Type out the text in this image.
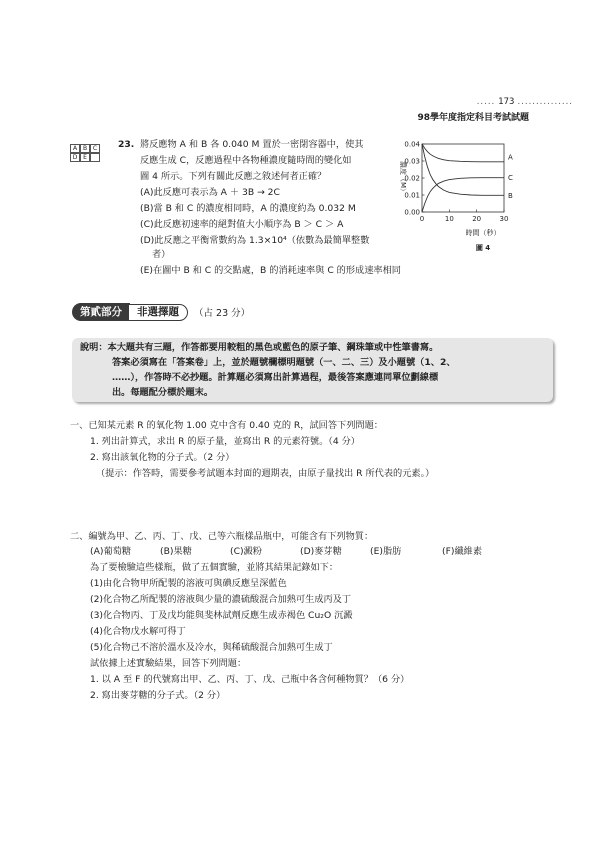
..... 173 .....
98學年度指定科目考試試題
A B C
D E
23. 將反應物 A 和 B 各 0.040 M 置於一密閉容器中，使其
反應生成 C，反應過程中各物種濃度隨時間的變化如
圖 4 所示。下列有關此反應之敘述何者正確？
(A)此反應可表示為 A ＋ 3B → 2C
(B)當 B 和 C 的濃度相同時，A 的濃度約為 0.032 M
(C)此反應初速率的絕對值大小順序為 B ＞ C ＞ A
(D)此反應之平衡常數約為 1.3×10⁴（依數為最簡單整數
者）
(E)在圖中 B 和 C 的交點處，B 的消耗速率與 C 的形成速率相同
A
C
B
0.00
0.01
0.02
0.03
0.04
0	10	20	30
濃度（M）
時間（秒）
圖 4
第貳部分	非選擇題	（占 23 分）
說明：本大題共有三題，作答都要用較粗的黑色或藍色的原子筆、鋼珠筆或中性筆書寫。
答案必須寫在「答案卷」上，並於題號欄標明題號（一、二、三）及小題號（1、2、
……），作答時不必抄題。計算題必須寫出計算過程，最後答案應連同單位劃線標
出。每題配分標於題末。
一、已知某元素 R 的氧化物 1.00 克中含有 0.40 克的 R，試回答下列問題：
1. 列出計算式，求出 R 的原子量，並寫出 R 的元素符號。（4 分）
2. 寫出該氧化物的分子式。（2 分）
（提示：作答時，需要參考試題本封面的週期表，由原子量找出 R 所代表的元素。）
二、編號為甲、乙、丙、丁、戊、己等六瓶樣品瓶中，可能含有下列物質：
(A)葡萄糖	(B)果糖	(C)澱粉	(D)麥芽糖	(E)脂肪	(F)纖維素
為了要檢驗這些樣瓶，做了五個實驗，並將其結果記錄如下：
(1)由化合物甲所配製的溶液可與碘反應呈深藍色
(2)化合物乙所配製的溶液與少量的濃硫酸混合加熱可生成丙及丁
(3)化合物丙、丁及戊均能與斐林試劑反應生成赤褐色 Cu₂O 沉澱
(4)化合物戊水解可得丁
(5)化合物己不溶於溫水及冷水，與稀硫酸混合加熱可生成丁
試依據上述實驗結果，回答下列問題：
1. 以 A 至 F 的代號寫出甲、乙、丙、丁、戊、己瓶中各含何種物質？（6 分）
2. 寫出麥芽糖的分子式。（2 分）
